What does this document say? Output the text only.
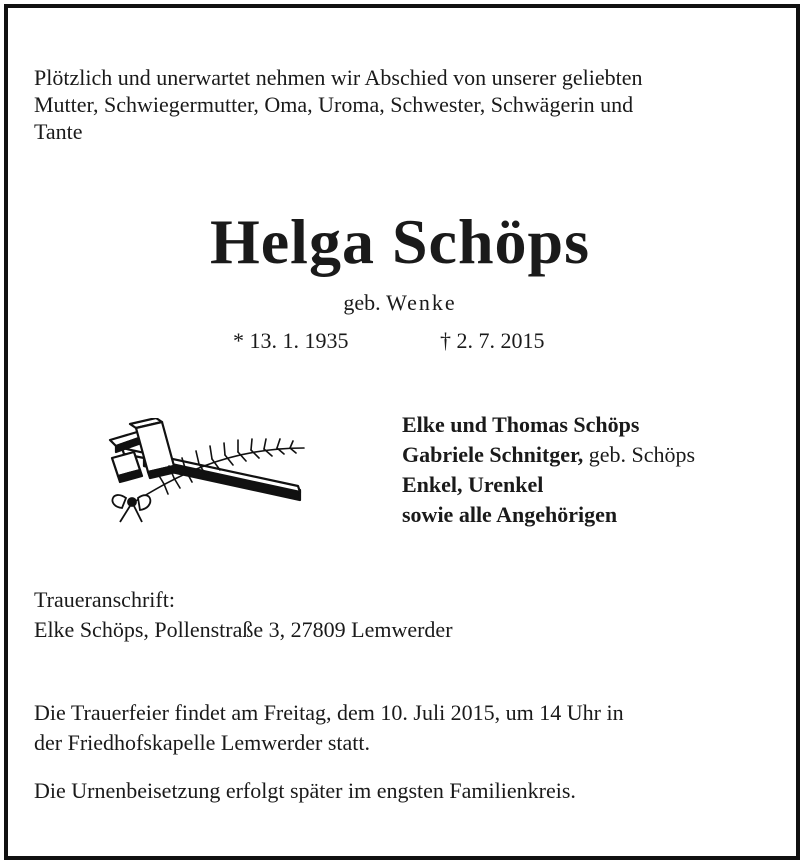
Plötzlich und unerwartet nehmen wir Abschied von unserer geliebten
Mutter, Schwiegermutter, Oma, Uroma, Schwester, Schwägerin und
Tante
Helga Schöps
geb. Wenke
* 13. 1. 1935	† 2. 7. 2015
Elke und Thomas Schöps
Gabriele Schnitger, geb. Schöps
Enkel, Urenkel
sowie alle Angehörigen
Traueranschrift:
Elke Schöps, Pollenstraße 3, 27809 Lemwerder
Die Trauerfeier findet am Freitag, dem 10. Juli 2015, um 14 Uhr in
der Friedhofskapelle Lemwerder statt.
Die Urnenbeisetzung erfolgt später im engsten Familienkreis.
